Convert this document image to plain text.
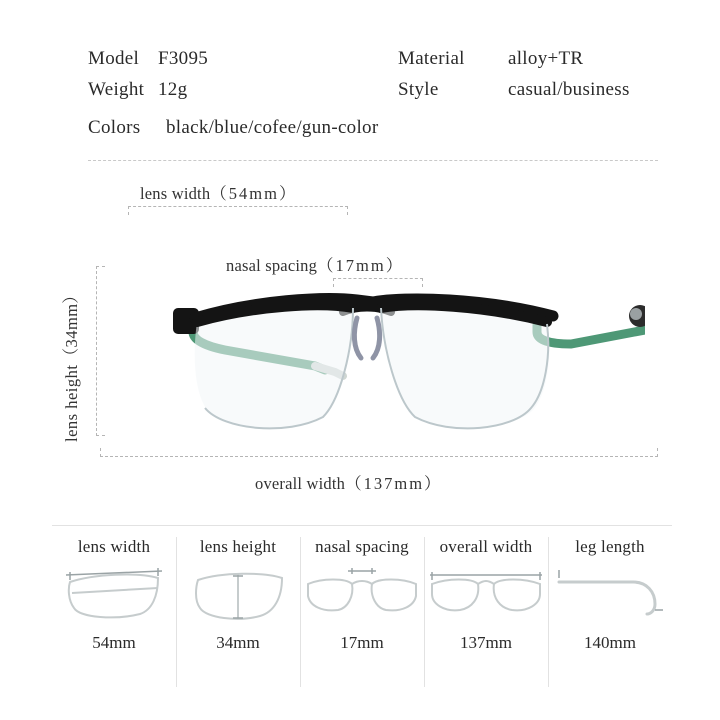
Model F3095	Material	alloy+TR
Weight 12g	Style	casual/business
Colors	black/blue/cofee/gun-color
lens width（54mm）
nasal spacing（17mm）
lens height（34mm）
overall width（137mm）
lens width
54mm
lens height
34mm
nasal spacing
17mm
overall width
137mm
leg length
140mm
